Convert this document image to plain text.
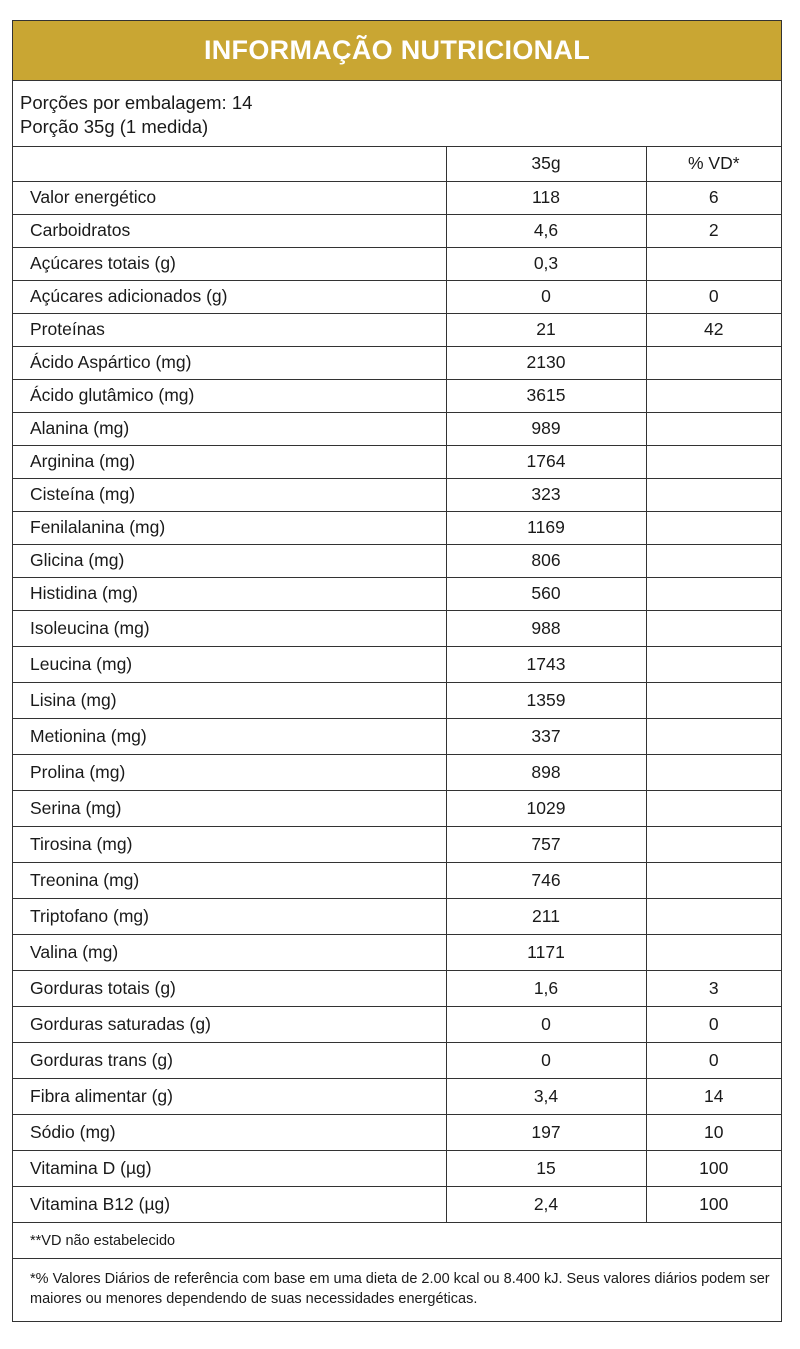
INFORMAÇÃO NUTRICIONAL
Porções por embalagem: 14
Porção 35g (1 medida)
	35g	% VD*
Valor energético	118	6
Carboidratos	4,6	2
Açúcares totais (g)	0,3	
Açúcares adicionados (g)	0	0
Proteínas	21	42
Ácido Aspártico (mg)	2130	
Ácido glutâmico (mg)	3615	
Alanina (mg)	989	
Arginina (mg)	1764	
Cisteína (mg)	323	
Fenilalanina (mg)	1169	
Glicina (mg)	806	
Histidina (mg)	560	
Isoleucina (mg)	988	
Leucina (mg)	1743	
Lisina (mg)	1359	
Metionina (mg)	337	
Prolina (mg)	898	
Serina (mg)	1029	
Tirosina (mg)	757	
Treonina (mg)	746	
Triptofano (mg)	211	
Valina (mg)	1171	
Gorduras totais (g)	1,6	3
Gorduras saturadas (g)	0	0
Gorduras trans (g)	0	0
Fibra alimentar (g)	3,4	14
Sódio (mg)	197	10
Vitamina D (µg)	15	100
Vitamina B12 (µg)	2,4	100
**VD não estabelecido
*% Valores Diários de referência com base em uma dieta de 2.00 kcal ou 8.400 kJ. Seus valores diários podem ser maiores ou menores dependendo de suas necessidades energéticas.
